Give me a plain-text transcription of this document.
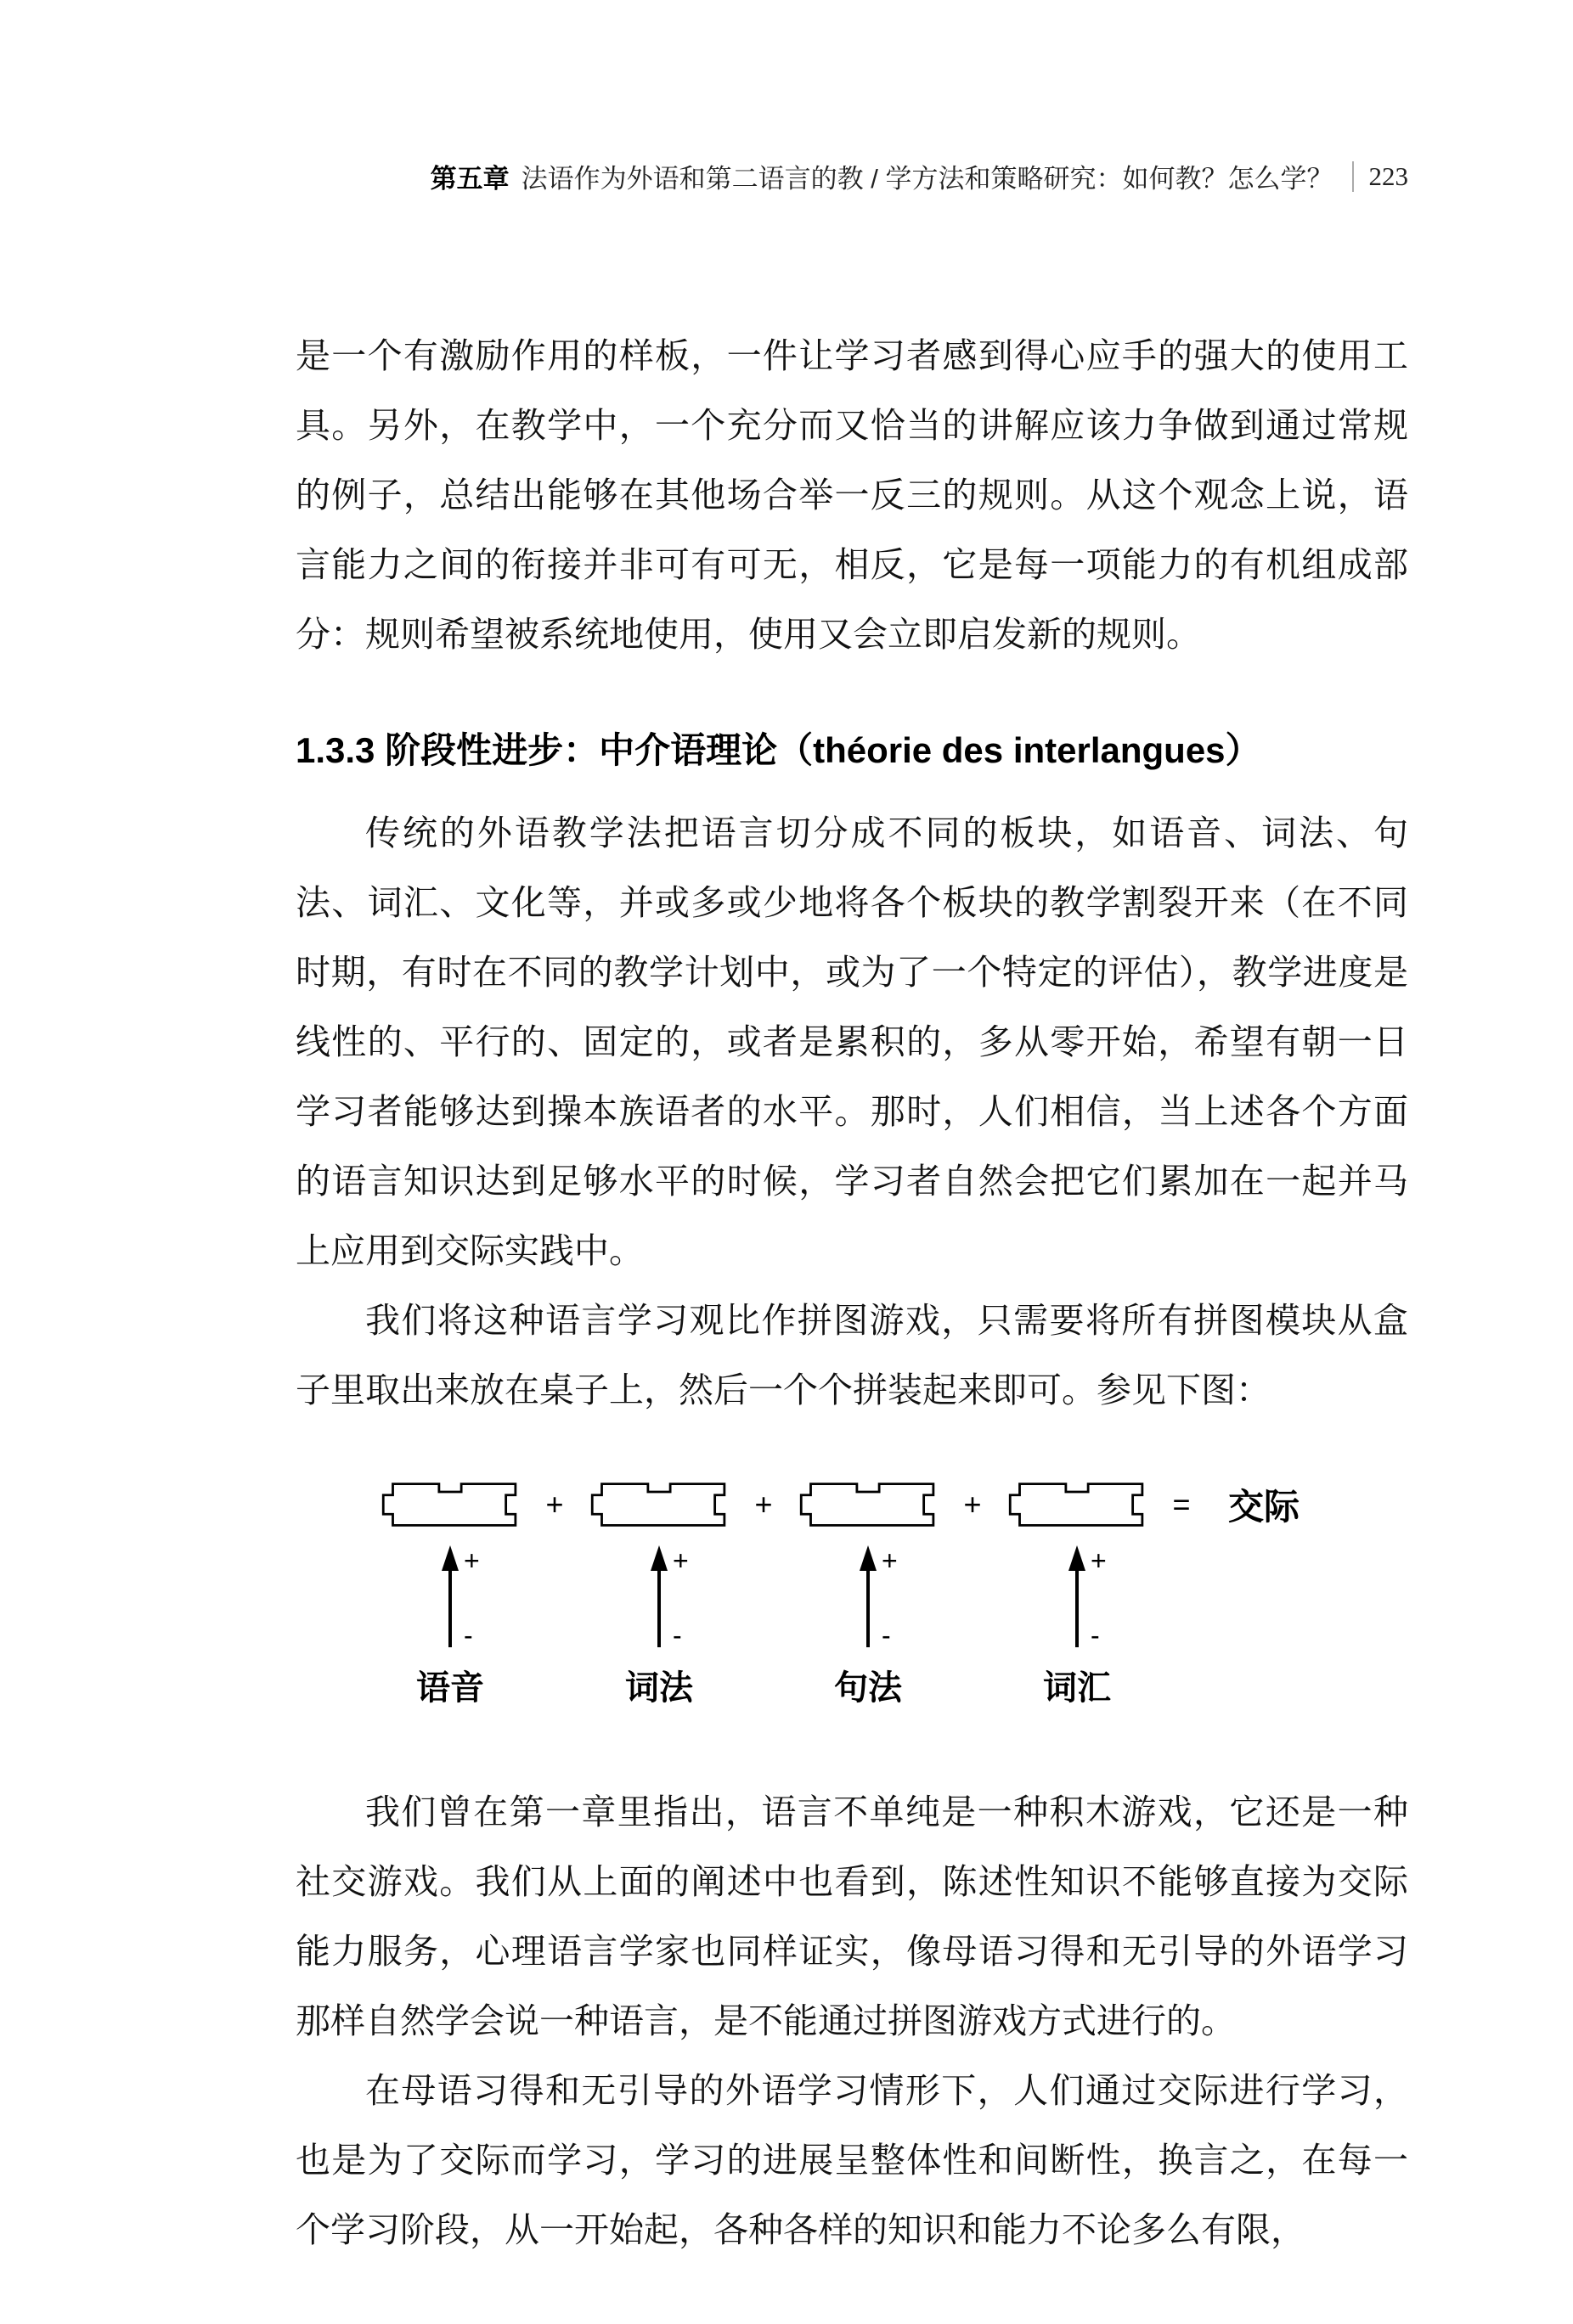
第五章 法语作为外语和第二语言的教 / 学方法和策略研究：如何教？怎么学？ 223

是一个有激励作用的样板，一件让学习者感到得心应手的强大的使用工具。另外，在教学中，一个充分而又恰当的讲解应该力争做到通过常规的例子，总结出能够在其他场合举一反三的规则。从这个观念上说，语言能力之间的衔接并非可有可无，相反，它是每一项能力的有机组成部分：规则希望被系统地使用，使用又会立即启发新的规则。

1.3.3 阶段性进步：中介语理论（théorie des interlangues）

传统的外语教学法把语言切分成不同的板块，如语音、词法、句法、词汇、文化等，并或多或少地将各个板块的教学割裂开来（在不同时期，有时在不同的教学计划中，或为了一个特定的评估），教学进度是线性的、平行的、固定的，或者是累积的，多从零开始，希望有朝一日学习者能够达到操本族语者的水平。那时，人们相信，当上述各个方面的语言知识达到足够水平的时候，学习者自然会把它们累加在一起并马上应用到交际实践中。

我们将这种语言学习观比作拼图游戏，只需要将所有拼图模块从盒子里取出来放在桌子上，然后一个个拼装起来即可。参见下图：

+	+	+	=	交际
+
-
+
-
+
-
+
-
语音	词法	句法	词汇

我们曾在第一章里指出，语言不单纯是一种积木游戏，它还是一种社交游戏。我们从上面的阐述中也看到，陈述性知识不能够直接为交际能力服务，心理语言学家也同样证实，像母语习得和无引导的外语学习那样自然学会说一种语言，是不能通过拼图游戏方式进行的。

在母语习得和无引导的外语学习情形下，人们通过交际进行学习，也是为了交际而学习，学习的进展呈整体性和间断性，换言之，在每一个学习阶段，从一开始起，各种各样的知识和能力不论多么有限，
